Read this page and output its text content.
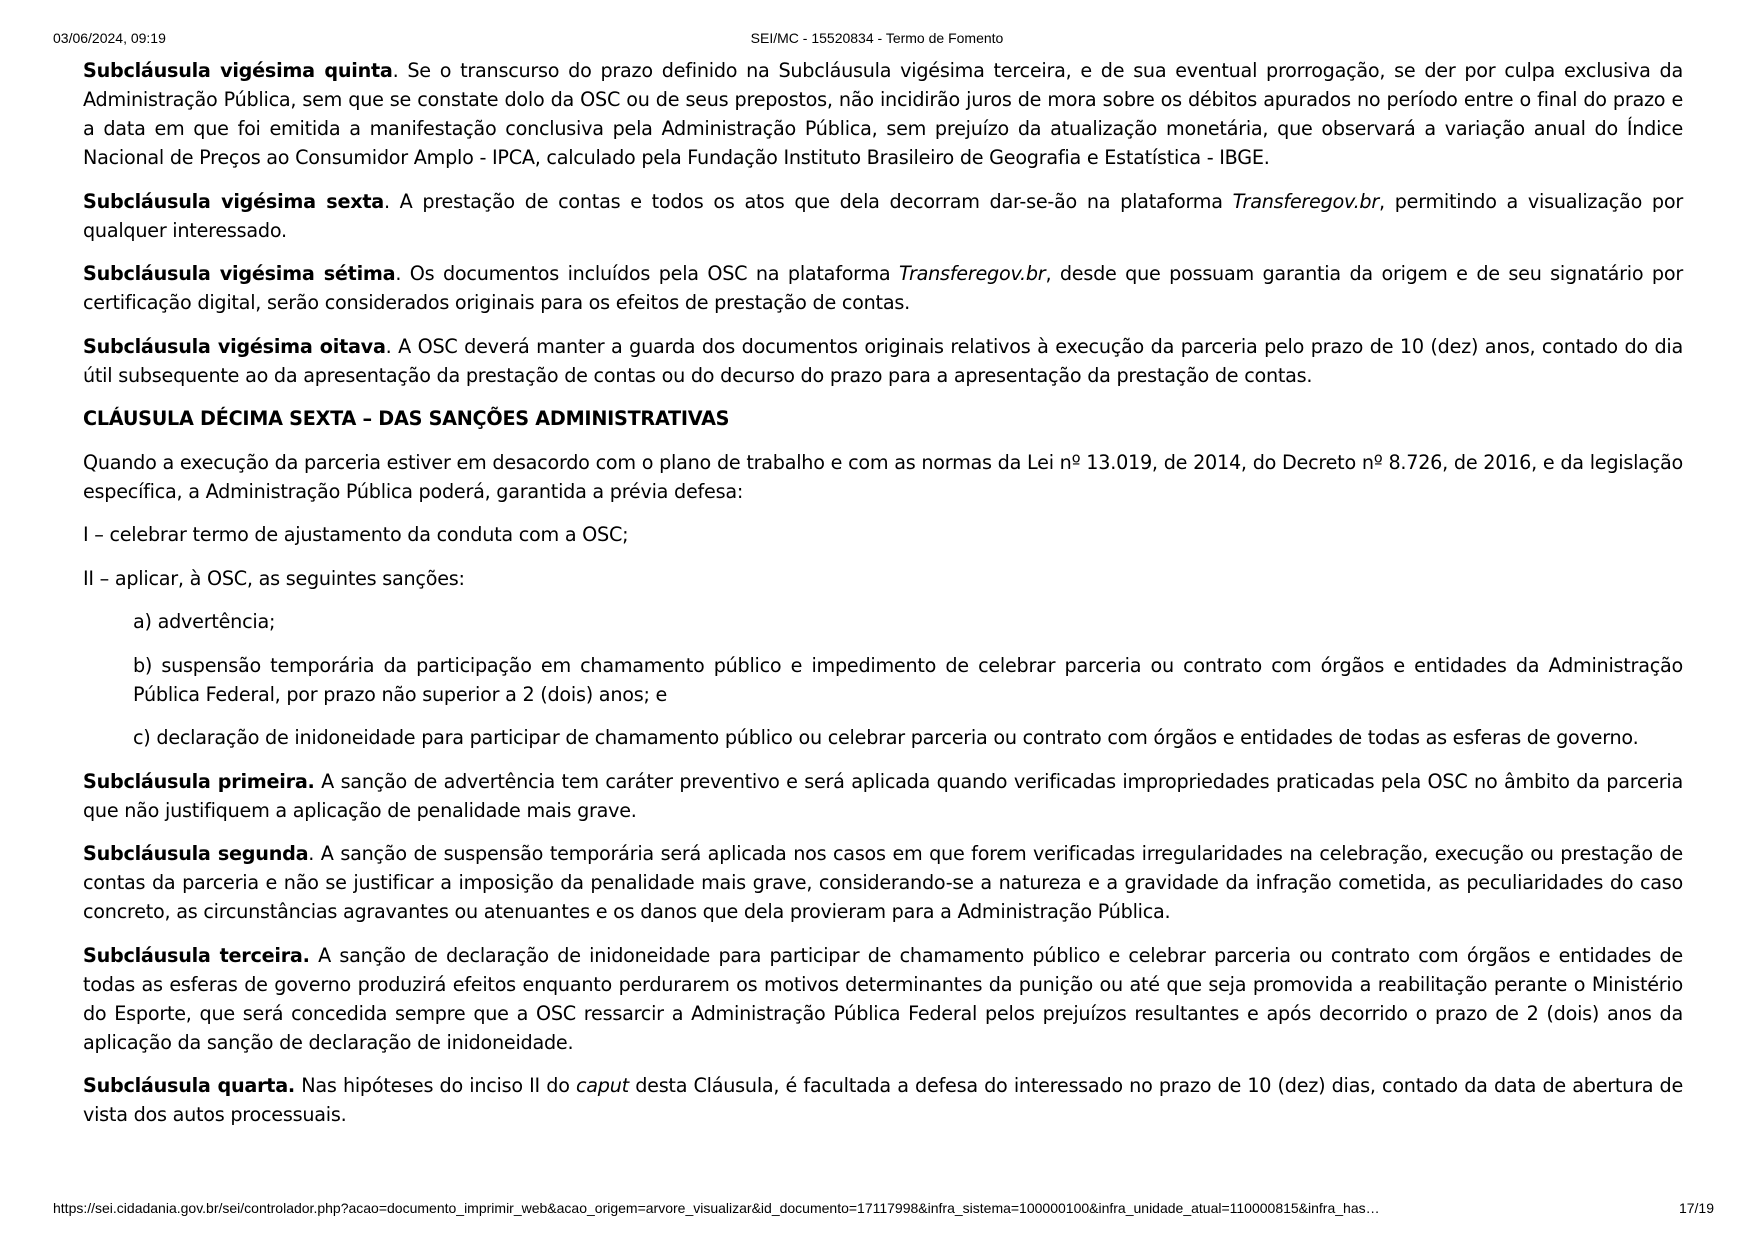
03/06/2024, 09:19	SEI/MC - 15520834 - Termo de Fomento

Subcláusula vigésima quinta. Se o transcurso do prazo definido na Subcláusula vigésima terceira, e de sua eventual prorrogação, se der por culpa exclusiva da Administração Pública, sem que se constate dolo da OSC ou de seus prepostos, não incidirão juros de mora sobre os débitos apurados no período entre o final do prazo e a data em que foi emitida a manifestação conclusiva pela Administração Pública, sem prejuízo da atualização monetária, que observará a variação anual do Índice Nacional de Preços ao Consumidor Amplo - IPCA, calculado pela Fundação Instituto Brasileiro de Geografia e Estatística - IBGE.

Subcláusula vigésima sexta. A prestação de contas e todos os atos que dela decorram dar-se-ão na plataforma Transferegov.br, permitindo a visualização por qualquer interessado.

Subcláusula vigésima sétima. Os documentos incluídos pela OSC na plataforma Transferegov.br, desde que possuam garantia da origem e de seu signatário por certificação digital, serão considerados originais para os efeitos de prestação de contas.

Subcláusula vigésima oitava. A OSC deverá manter a guarda dos documentos originais relativos à execução da parceria pelo prazo de 10 (dez) anos, contado do dia útil subsequente ao da apresentação da prestação de contas ou do decurso do prazo para a apresentação da prestação de contas.

CLÁUSULA DÉCIMA SEXTA – DAS SANÇÕES ADMINISTRATIVAS

Quando a execução da parceria estiver em desacordo com o plano de trabalho e com as normas da Lei nº 13.019, de 2014, do Decreto nº 8.726, de 2016, e da legislação específica, a Administração Pública poderá, garantida a prévia defesa:

I – celebrar termo de ajustamento da conduta com a OSC;

II – aplicar, à OSC, as seguintes sanções:

a) advertência;

b) suspensão temporária da participação em chamamento público e impedimento de celebrar parceria ou contrato com órgãos e entidades da Administração Pública Federal, por prazo não superior a 2 (dois) anos; e

c) declaração de inidoneidade para participar de chamamento público ou celebrar parceria ou contrato com órgãos e entidades de todas as esferas de governo.

Subcláusula primeira. A sanção de advertência tem caráter preventivo e será aplicada quando verificadas impropriedades praticadas pela OSC no âmbito da parceria que não justifiquem a aplicação de penalidade mais grave.

Subcláusula segunda. A sanção de suspensão temporária será aplicada nos casos em que forem verificadas irregularidades na celebração, execução ou prestação de contas da parceria e não se justificar a imposição da penalidade mais grave, considerando-se a natureza e a gravidade da infração cometida, as peculiaridades do caso concreto, as circunstâncias agravantes ou atenuantes e os danos que dela provieram para a Administração Pública.

Subcláusula terceira. A sanção de declaração de inidoneidade para participar de chamamento público e celebrar parceria ou contrato com órgãos e entidades de todas as esferas de governo produzirá efeitos enquanto perdurarem os motivos determinantes da punição ou até que seja promovida a reabilitação perante o Ministério do Esporte, que será concedida sempre que a OSC ressarcir a Administração Pública Federal pelos prejuízos resultantes e após decorrido o prazo de 2 (dois) anos da aplicação da sanção de declaração de inidoneidade.

Subcláusula quarta. Nas hipóteses do inciso II do caput desta Cláusula, é facultada a defesa do interessado no prazo de 10 (dez) dias, contado da data de abertura de vista dos autos processuais.

https://sei.cidadania.gov.br/sei/controlador.php?acao=documento_imprimir_web&acao_origem=arvore_visualizar&id_documento=17117998&infra_sistema=100000100&infra_unidade_atual=110000815&infra_has…	17/19
